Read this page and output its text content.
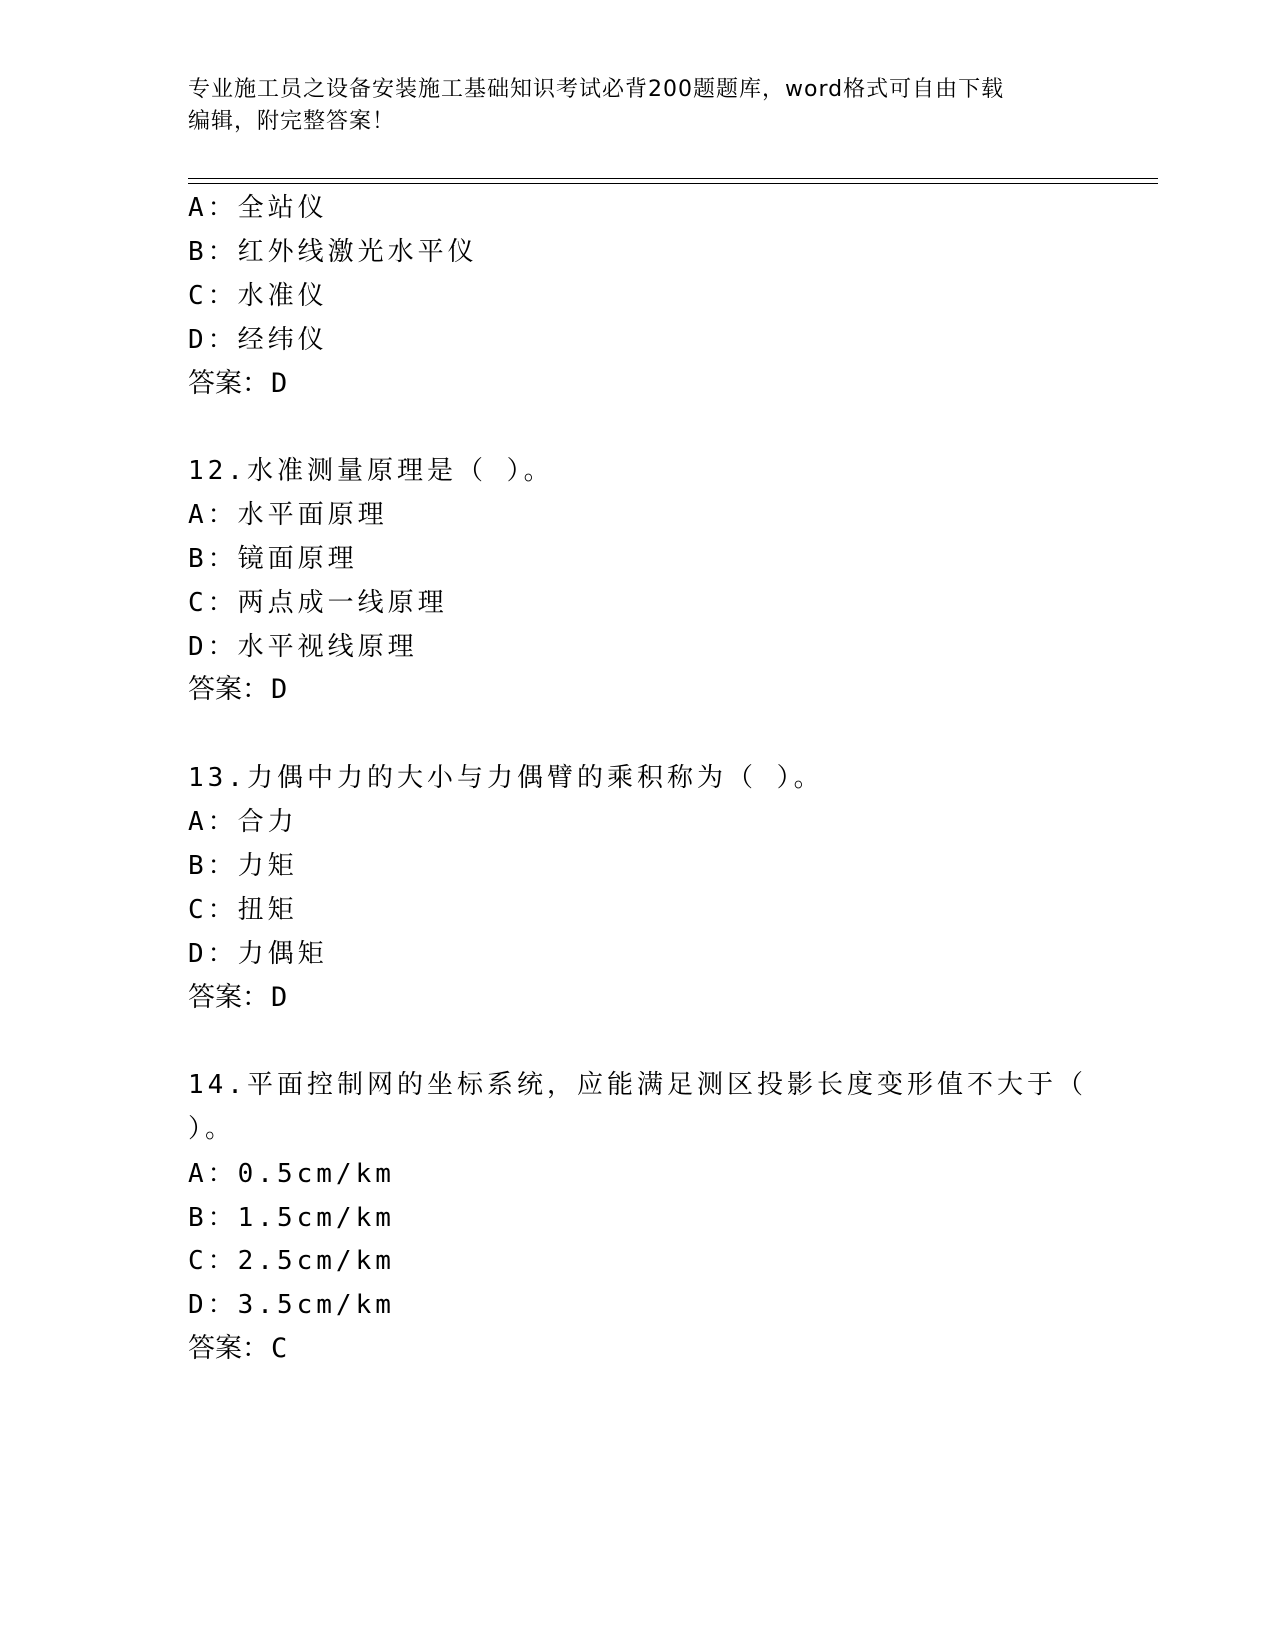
专业施工员之设备安装施工基础知识考试必背200题题库，word格式可自由下载
编辑，附完整答案！
A：全站仪
B：红外线激光水平仪
C：水准仪
D：经纬仪
答案：D
12.水准测量原理是（ ）。
A：水平面原理
B：镜面原理
C：两点成一线原理
D：水平视线原理
答案：D
13.力偶中力的大小与力偶臂的乘积称为（ ）。
A：合力
B：力矩
C：扭矩
D：力偶矩
答案：D
14.平面控制网的坐标系统，应能满足测区投影长度变形值不大于（
）。
A：0.5cm/km
B：1.5cm/km
C：2.5cm/km
D：3.5cm/km
答案：C
